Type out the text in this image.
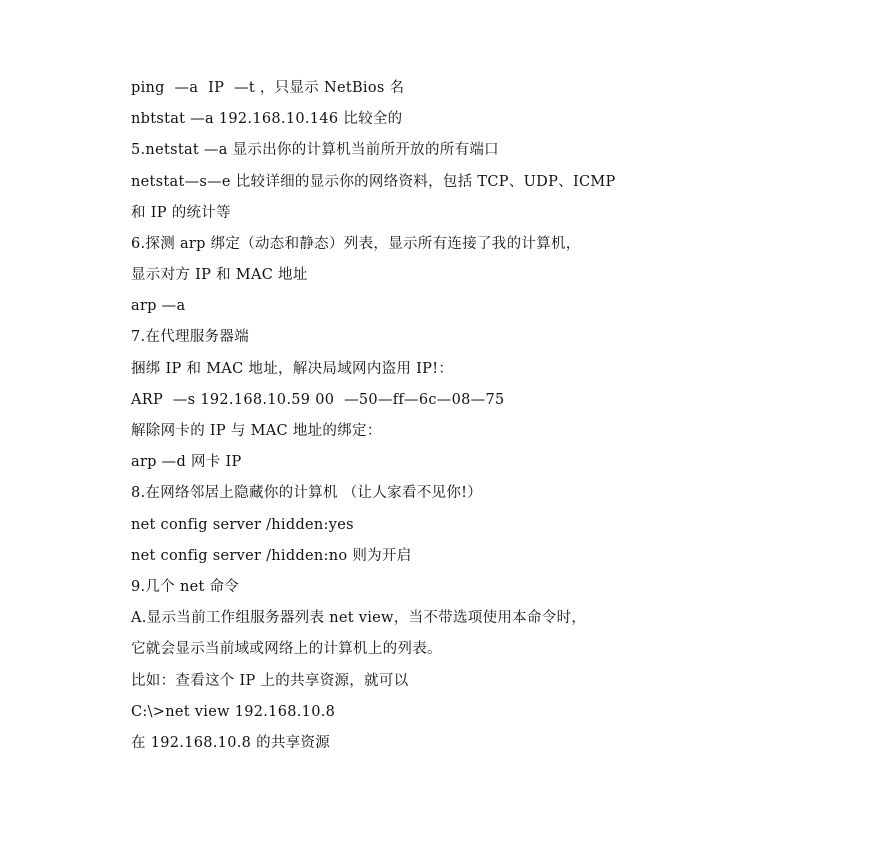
ping  —a  IP  —t ，只显示 NetBios 名

nbtstat —a 192.168.10.146 比较全的

5.netstat —a 显示出你的计算机当前所开放的所有端口

netstat—s—e 比较详细的显示你的网络资料，包括 TCP、UDP、ICMP

和 IP 的统计等

6.探测 arp 绑定（动态和静态）列表，显示所有连接了我的计算机，

显示对方 IP 和 MAC 地址

arp —a

7.在代理服务器端

捆绑 IP 和 MAC 地址，解决局域网内盗用 IP!：

ARP  —s 192.168.10.59 00  —50—ff—6c—08—75

解除网卡的 IP 与 MAC 地址的绑定：

arp —d 网卡 IP

8.在网络邻居上隐藏你的计算机 （让人家看不见你!）

net config server /hidden:yes

net config server /hidden:no 则为开启

9.几个 net 命令

A.显示当前工作组服务器列表 net view，当不带选项使用本命令时，

它就会显示当前域或网络上的计算机上的列表。

比如：查看这个 IP 上的共享资源，就可以

C:\>net view 192.168.10.8

在 192.168.10.8 的共享资源
